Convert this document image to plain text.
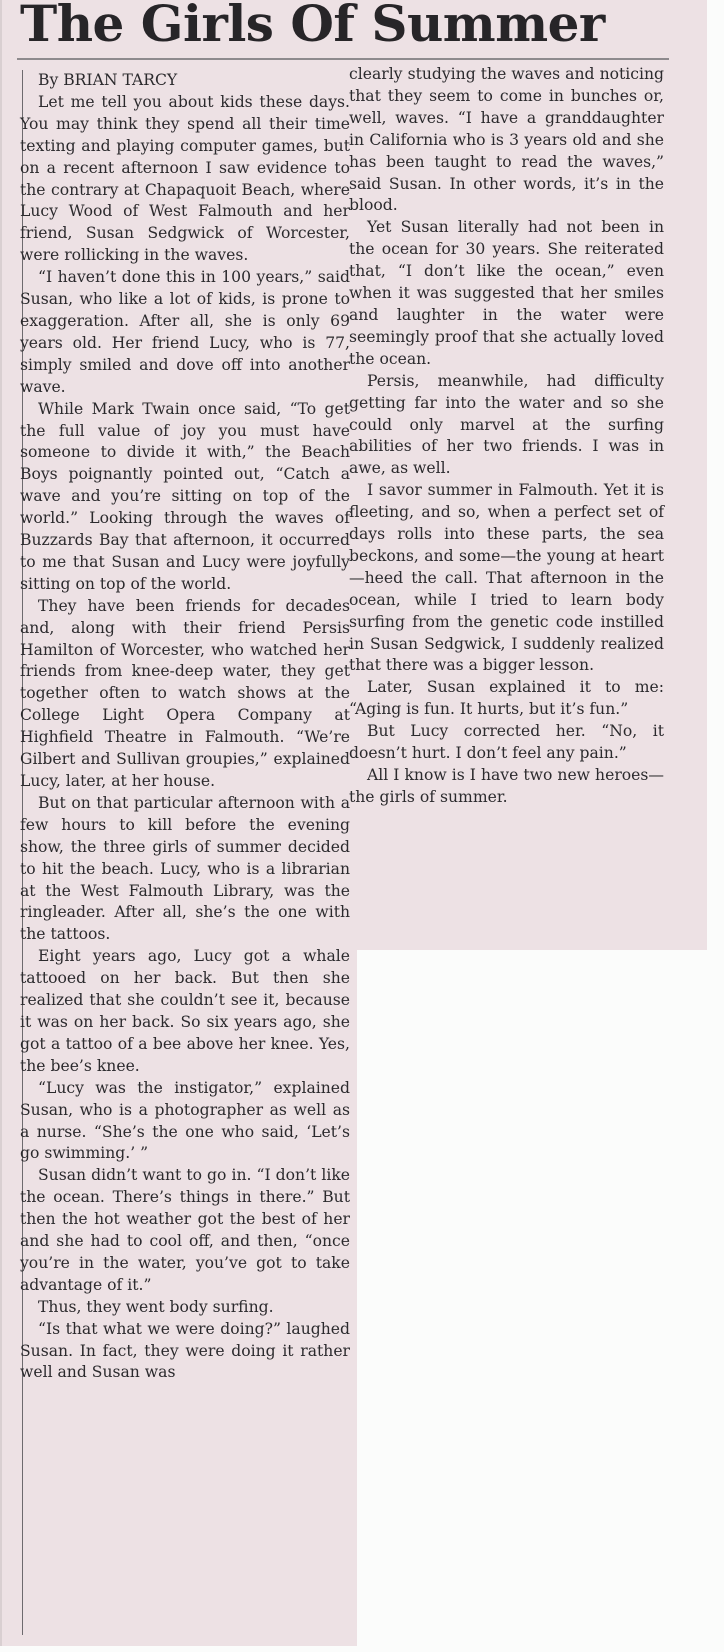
The Girls Of Summer

By BRIAN TARCY

Let me tell you about kids these days. You may think they spend all their time texting and playing computer games, but on a recent afternoon I saw evidence to the contrary at Chapaquoit Beach, where Lucy Wood of West Falmouth and her friend, Susan Sedgwick of Worcester, were rollicking in the waves.

“I haven’t done this in 100 years,” said Susan, who like a lot of kids, is prone to exaggeration. After all, she is only 69 years old. Her friend Lucy, who is 77, simply smiled and dove off into another wave.

While Mark Twain once said, “To get the full value of joy you must have someone to divide it with,” the Beach Boys poignantly pointed out, “Catch a wave and you’re sitting on top of the world.” Looking through the waves of Buzzards Bay that afternoon, it occurred to me that Susan and Lucy were joyfully sitting on top of the world.

They have been friends for decades and, along with their friend Persis Hamilton of Worcester, who watched her friends from knee-deep water, they get together often to watch shows at the College Light Opera Company at Highfield Theatre in Falmouth. “We’re Gilbert and Sullivan groupies,” explained Lucy, later, at her house.

But on that particular afternoon with a few hours to kill before the evening show, the three girls of summer decided to hit the beach. Lucy, who is a librarian at the West Falmouth Library, was the ringleader. After all, she’s the one with the tattoos.

Eight years ago, Lucy got a whale tattooed on her back. But then she realized that she couldn’t see it, because it was on her back. So six years ago, she got a tattoo of a bee above her knee. Yes, the bee’s knee.

“Lucy was the instigator,” explained Susan, who is a photographer as well as a nurse. “She’s the one who said, ‘Let’s go swimming.’ ”

Susan didn’t want to go in. “I don’t like the ocean. There’s things in there.” But then the hot weather got the best of her and she had to cool off, and then, “once you’re in the water, you’ve got to take advantage of it.”

Thus, they went body surfing.

“Is that what we were doing?” laughed Susan. In fact, they were doing it rather well and Susan was

clearly studying the waves and noticing that they seem to come in bunches or, well, waves. “I have a granddaughter in California who is 3 years old and she has been taught to read the waves,” said Susan. In other words, it’s in the blood.

Yet Susan literally had not been in the ocean for 30 years. She reiterated that, “I don’t like the ocean,” even when it was suggested that her smiles and laughter in the water were seemingly proof that she actually loved the ocean.

Persis, meanwhile, had difficulty getting far into the water and so she could only marvel at the surfing abilities of her two friends. I was in awe, as well.

I savor summer in Falmouth. Yet it is fleeting, and so, when a perfect set of days rolls into these parts, the sea beckons, and some—the young at heart—heed the call. That afternoon in the ocean, while I tried to learn body surfing from the genetic code instilled in Susan Sedgwick, I suddenly realized that there was a bigger lesson.

Later, Susan explained it to me: “Aging is fun. It hurts, but it’s fun.”

But Lucy corrected her. “No, it doesn’t hurt. I don’t feel any pain.”

All I know is I have two new heroes—the girls of summer.
